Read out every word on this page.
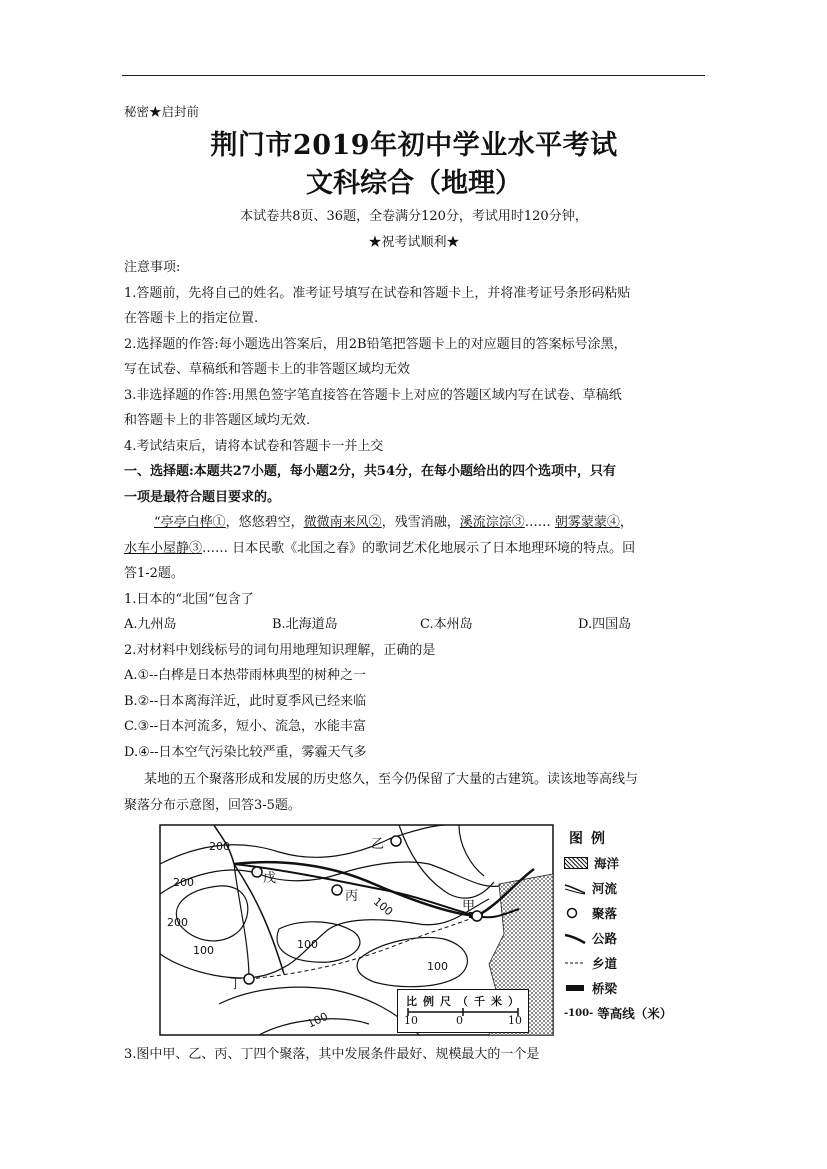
秘密★启封前
荆门市2019年初中学业水平考试
文科综合（地理）
本试卷共8页、36题，全卷满分120分，考试用时120分钟，
★祝考试顺利★
注意事项:
1.答题前，先将自己的姓名。准考证号填写在试卷和答题卡上，并将准考证号条形码粘贴
在答题卡上的指定位置.
2.选择题的作答:每小题选出答案后，用2B铅笔把答题卡上的对应题目的答案标号涂黑，
写在试卷、草稿纸和答题卡上的非答题区域均无效
3.非选择题的作答:用黑色签字笔直接答在答题卡上对应的答题区域内写在试卷、草稿纸
和答题卡上的非答题区域均无效.
4.考试结束后，请将本试卷和答题卡一并上交
一、选择题:本题共27小题，每小题2分，共54分，在每小题给出的四个选项中，只有
一项是最符合题目要求的。
“亭亭白桦①，悠悠碧空，微微南来风②，残雪消融，溪流淙淙③…… 朝雾蒙蒙④，
水车小屋静③…… 日本民歌《北国之春》的歌词艺术化地展示了日本地理环境的特点。回
答1-2题。
1.日本的“北国“包含了
A.九州岛	B.北海道岛	C.本州岛	D.四国岛
2.对材料中划线标号的词句用地理知识理解，正确的是
A.①--白桦是日本热带雨林典型的树种之一
B.②--日本离海洋近，此时夏季风已经来临
C.③--日本河流多，短小、流急，水能丰富
D.④--日本空气污染比较严重，雾霾天气多
某地的五个聚落形成和发展的历史悠久，至今仍保留了大量的古建筑。读该地等高线与
聚落分布示意图，回答3-5题。
乙
戊
丙
甲
丁
200
200
200
100	100
100
100
100
比例尺（千米）
10	0	10
图例
海洋
河流
聚落
公路
乡道
桥梁
-100- 等高线（米）
3.图中甲、乙、丙、丁四个聚落，其中发展条件最好、规模最大的一个是
